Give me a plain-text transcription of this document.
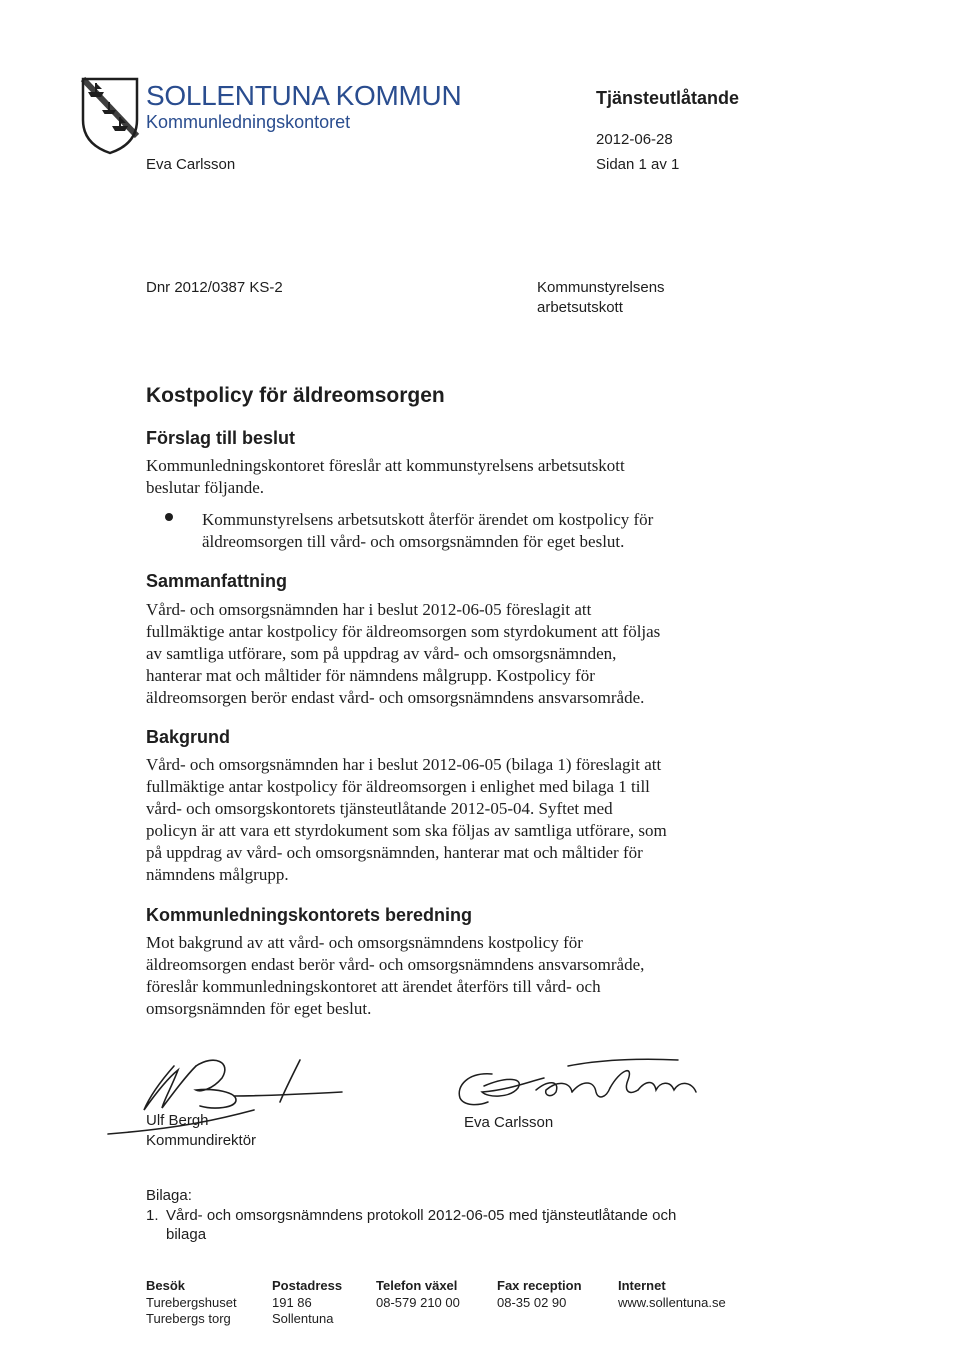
SOLLENTUNA KOMMUN
Kommunledningskontoret
Tjänsteutlåtande
2012-06-28
Sidan 1 av 1
Eva Carlsson
Dnr 2012/0387 KS-2	Kommunstyrelsens
arbetsutskott
Kostpolicy för äldreomsorgen
Förslag till beslut
Kommunledningskontoret föreslår att kommunstyrelsens arbetsutskott
beslutar följande.
Kommunstyrelsens arbetsutskott återför ärendet om kostpolicy för
äldreomsorgen till vård- och omsorgsnämnden för eget beslut.
Sammanfattning
Vård- och omsorgsnämnden har i beslut 2012-06-05 föreslagit att
fullmäktige antar kostpolicy för äldreomsorgen som styrdokument att följas
av samtliga utförare, som på uppdrag av vård- och omsorgsnämnden,
hanterar mat och måltider för nämndens målgrupp. Kostpolicy för
äldreomsorgen berör endast vård- och omsorgsnämndens ansvarsområde.
Bakgrund
Vård- och omsorgsnämnden har i beslut 2012-06-05 (bilaga 1) föreslagit att
fullmäktige antar kostpolicy för äldreomsorgen i enlighet med bilaga 1 till
vård- och omsorgskontorets tjänsteutlåtande 2012-05-04. Syftet med
policyn är att vara ett styrdokument som ska följas av samtliga utförare, som
på uppdrag av vård- och omsorgsnämnden, hanterar mat och måltider för
nämndens målgrupp.
Kommunledningskontorets beredning
Mot bakgrund av att vård- och omsorgsnämndens kostpolicy för
äldreomsorgen endast berör vård- och omsorgsnämndens ansvarsområde,
föreslår kommunledningskontoret att ärendet återförs till vård- och
omsorgsnämnden för eget beslut.
Ulf Bergh
Kommundirektör
Eva Carlsson
Bilaga:
1. Vård- och omsorgsnämndens protokoll 2012-06-05 med tjänsteutlåtande och
bilaga
Besök
Turebergshuset
Turebergs torg
Postadress
191 86
Sollentuna
Telefon växel
08-579 210 00
Fax reception
08-35 02 90
Internet
www.sollentuna.se
